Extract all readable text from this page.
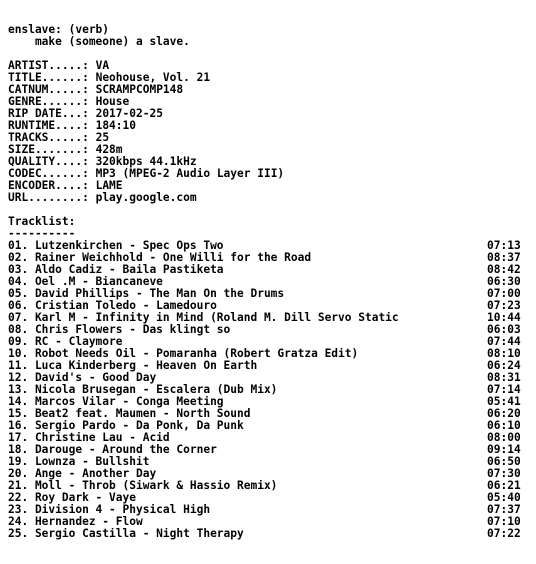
enslave: (verb)
make (someone) a slave.
ARTIST.....: VA
TITLE......: Neohouse, Vol. 21
CATNUM.....: SCRAMPCOMP148
GENRE......: House
RIP DATE...: 2017-02-25
RUNTIME....: 184:10
TRACKS.....: 25
SIZE.......: 428m
QUALITY....: 320kbps 44.1kHz
CODEC......: MP3 (MPEG-2 Audio Layer III)
ENCODER....: LAME
URL........: play.google.com
Tracklist:
----------
01. Lutzenkirchen - Spec Ops Two	07:13
02. Rainer Weichhold - One Willi for the Road	08:37
03. Aldo Cadiz - Baila Pastiketa	08:42
04. Oel .M - Biancaneve	06:30
05. David Phillips - The Man On the Drums	07:00
06. Cristian Toledo - Lamedouro	07:23
07. Karl M - Infinity in Mind (Roland M. Dill Servo Static	10:44
08. Chris Flowers - Das klingt so	06:03
09. RC - Claymore	07:44
10. Robot Needs Oil - Pomaranha (Robert Gratza Edit)	08:10
11. Luca Kinderberg - Heaven On Earth	06:24
12. David's - Good Day	08:31
13. Nicola Brusegan - Escalera (Dub Mix)	07:14
14. Marcos Vilar - Conga Meeting	05:41
15. Beat2 feat. Maumen - North Sound	06:20
16. Sergio Pardo - Da Ponk, Da Punk	06:10
17. Christine Lau - Acid	08:00
18. Darouge - Around the Corner	09:14
19. Lownza - Bullshit	06:50
20. Ange - Another Day	07:30
21. Moll - Throb (Siwark & Hassio Remix)	06:21
22. Roy Dark - Vaye	05:40
23. Division 4 - Physical High	07:37
24. Hernandez - Flow	07:10
25. Sergio Castilla - Night Therapy	07:22
